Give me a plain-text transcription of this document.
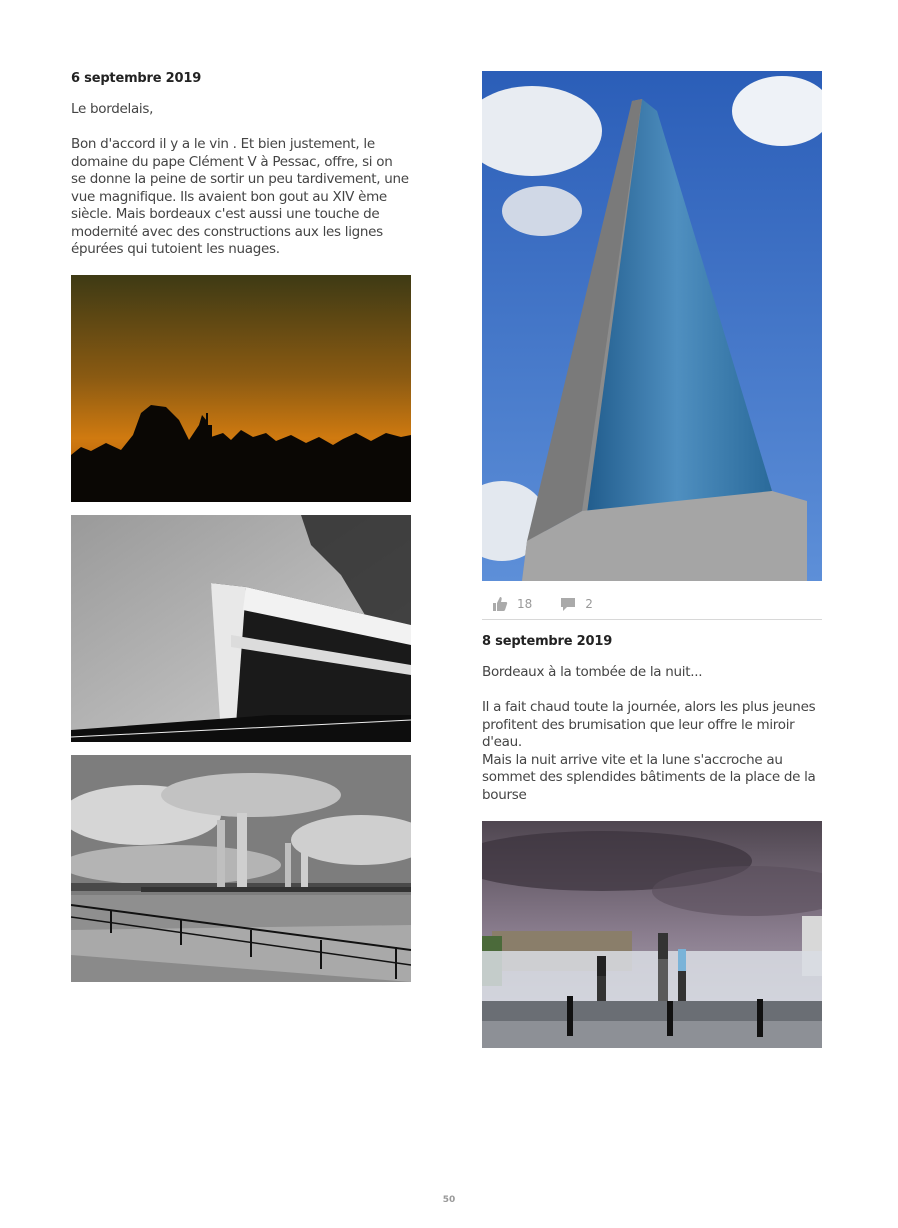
6 septembre 2019

Le bordelais,

Bon d'accord il y a le vin . Et bien justement, le domaine du pape Clément V à Pessac, offre, si on se donne la peine de sortir un peu tardivement, une vue magnifique. Ils avaient bon gout au XIV ème siècle. Mais bordeaux c'est aussi une touche de modernité avec des constructions aux les lignes épurées qui tutoient les nuages.

18	2
8 septembre 2019

Bordeaux à la tombée de la nuit...

Il a fait chaud toute la journée, alors les plus jeunes profitent des brumisation que leur offre le miroir d'eau.
Mais la nuit arrive vite et la lune s'accroche au sommet des splendides bâtiments de la place de la bourse

50
